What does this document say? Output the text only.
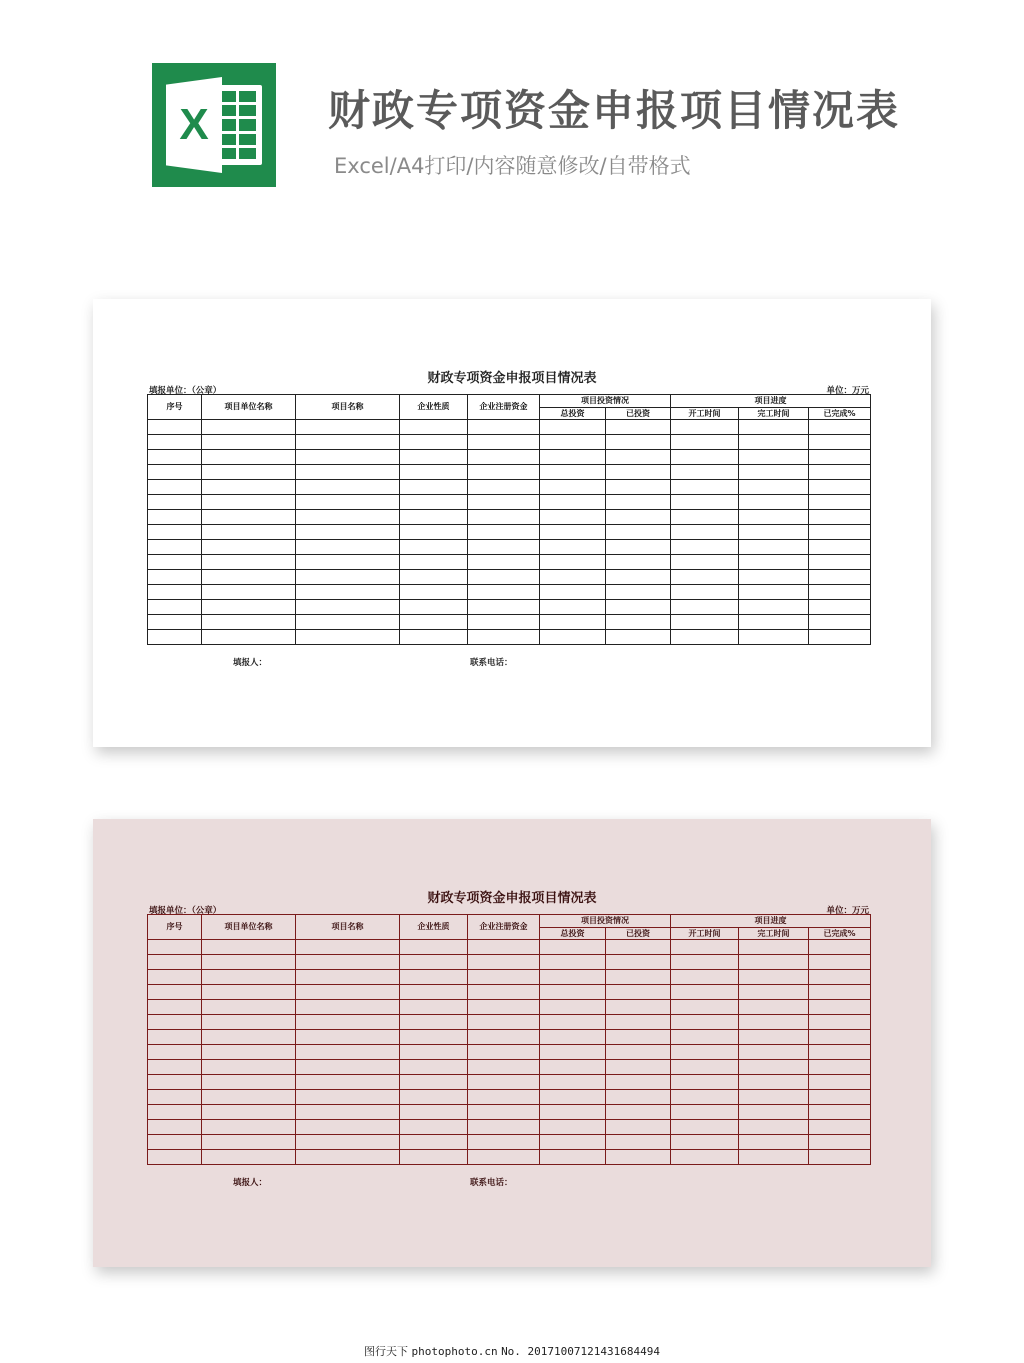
X	财政专项资金申报项目情况表

Excel/A4打印/内容随意修改/自带格式

财政专项资金申报项目情况表

填报单位：（公章）	单位：万元
序号	项目单位名称	项目名称	企业性质	企业注册资金	项目投资情况		项目进度		
					总投资	已投资	开工时间	完工时间	已完成%

填报人：	联系电话：

财政专项资金申报项目情况表

填报单位：（公章）	单位：万元
序号	项目单位名称	项目名称	企业性质	企业注册资金	项目投资情况		项目进度		
					总投资	已投资	开工时间	完工时间	已完成%

填报人：	联系电话：
图行天下 photophoto.cn No. 20171007121431684494
